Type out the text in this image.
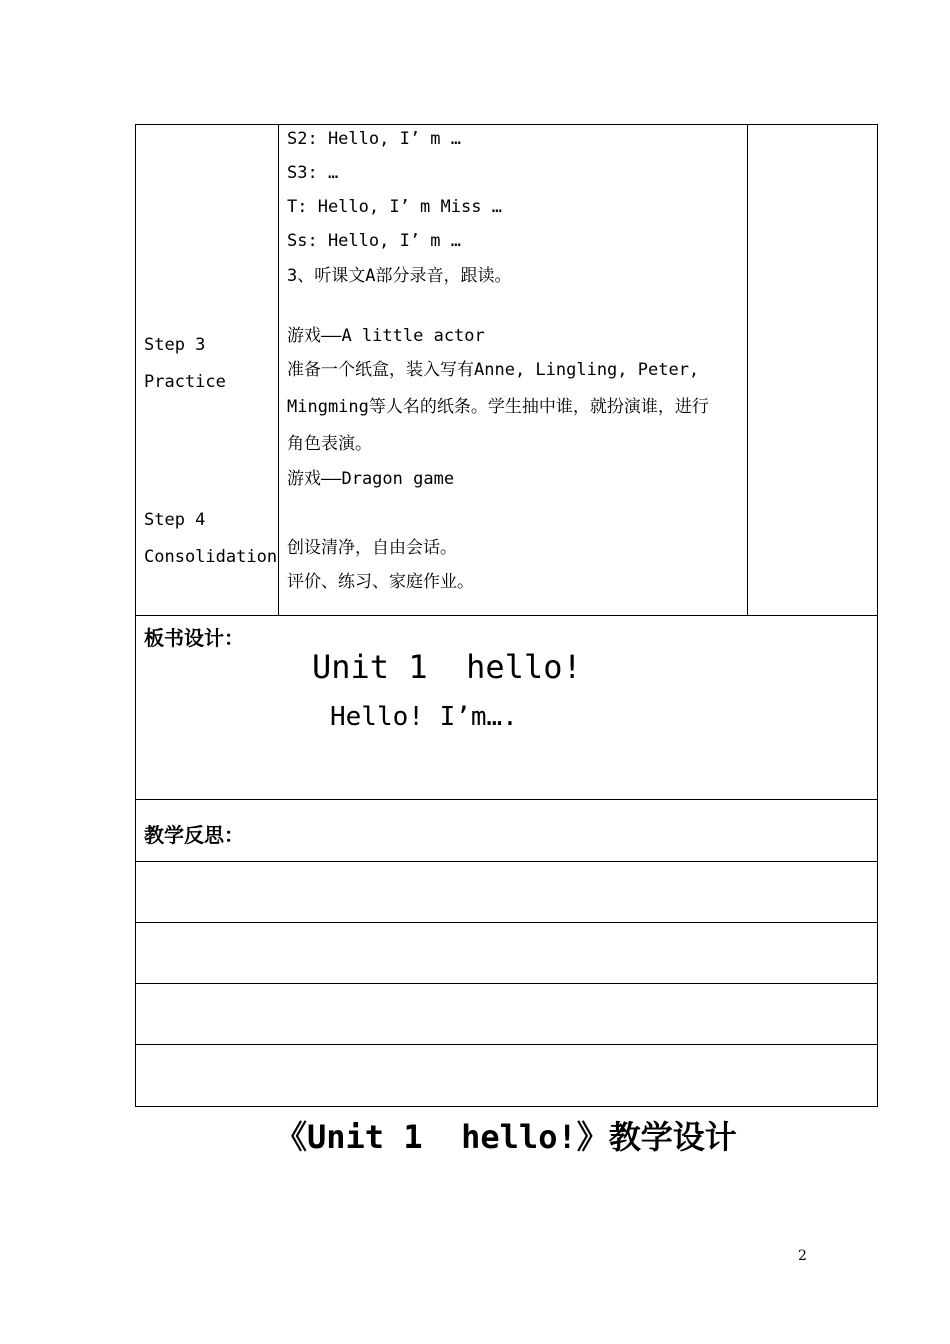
Step 3
Practice
Step 4
Consolidation
S2: Hello, I’ m …
S3: …
T: Hello, I’ m Miss …
Ss: Hello, I’ m …
3、听课文A部分录音，跟读。
游戏——A little actor
准备一个纸盒，装入写有Anne, Lingling, Peter,
Mingming等人名的纸条。学生抽中谁，就扮演谁，进行
角色表演。
游戏——Dragon game
创设清净，自由会话。
评价、练习、家庭作业。
板书设计：
Unit 1  hello!
Hello! I’m….
教学反思：
《Unit 1  hello!》教学设计
2
